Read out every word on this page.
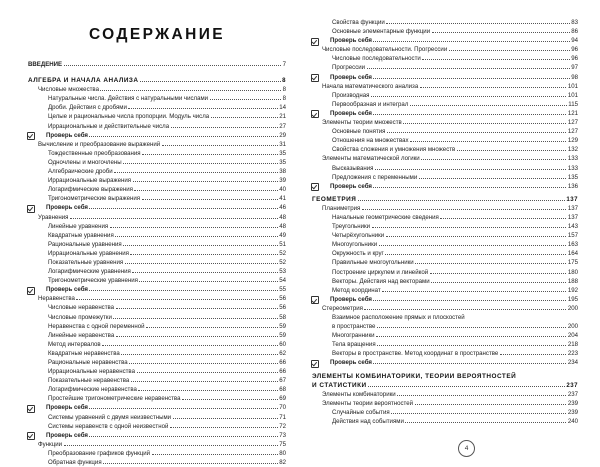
СОДЕРЖАНИЕ
ВВЕДЕНИЕ	7
АЛГЕБРА И НАЧАЛА АНАЛИЗА	8
Числовые множества	8
Натуральные числа. Действия с натуральными числами	8
Дроби. Действия с дробями	14
Целые и рациональные числа пропорции. Модуль числа	21
Иррациональные и действительные числа	27
Проверь себя	29
Вычисление и преобразование выражений	31
Тождественные преобразования	35
Одночлены и многочлены	35
Алгебраические дроби	38
Иррациональные выражения	39
Логарифмические выражения	40
Тригонометрические выражения	41
Проверь себя	46
Уравнения	48
Линейные уравнения	48
Квадратные уравнения	49
Рациональные уравнения	51
Иррациональные уравнения	52
Показательные уравнения	52
Логарифмические уравнения	53
Тригонометрические уравнения	54
Проверь себя	55
Неравенства	56
Числовые неравенства	56
Числовые промежутки	58
Неравенства с одной переменной	59
Линейные неравенства	59
Метод интервалов	60
Квадратные неравенства	62
Рациональные неравенства	66
Иррациональные неравенства	66
Показательные неравенства	67
Логарифмические неравенства	68
Простейшие тригонометрические неравенства	69
Проверь себя	70
Системы уравнений с двумя неизвестными	71
Системы неравенств с одной неизвестной	72
Проверь себя	73
Функции	75
Преобразование графиков функций	80
Обратная функция	82
Свойства функции	83
Основные элементарные функции	86
Проверь себя	94
Числовые последовательности. Прогрессии	96
Числовые последовательности	96
Прогрессии	97
Проверь себя	98
Начала математического анализа	101
Производная	101
Первообразная и интеграл	115
Проверь себя	121
Элементы теории множеств	127
Основные понятия	127
Отношения на множествах	129
Свойства сложения и умножения множеств	132
Элементы математической логики	133
Высказывания	133
Предложения с переменными	135
Проверь себя	136
ГЕОМЕТРИЯ	137
Планиметрия	137
Начальные геометрические сведения	137
Треугольники	143
Четырёхугольники	157
Многоугольники	163
Окружность и круг	164
Правильные многоугольники	175
Построение циркулем и линейкой	180
Векторы. Действия над векторами	188
Метод координат	192
Проверь себя	195
Стереометрия	200
Взаимное расположение прямых и плоскостей
в пространстве	200
Многогранники	204
Тела вращения	218
Векторы в пространстве. Метод координат в пространстве	223
Проверь себя	234
ЭЛЕМЕНТЫ КОМБИНАТОРИКИ, ТЕОРИИ ВЕРОЯТНОСТЕЙ
И СТАТИСТИКИ	237
Элементы комбинаторики	237
Элементы теории вероятностей	239
Случайные события	239
Действия над событиями	240
4
